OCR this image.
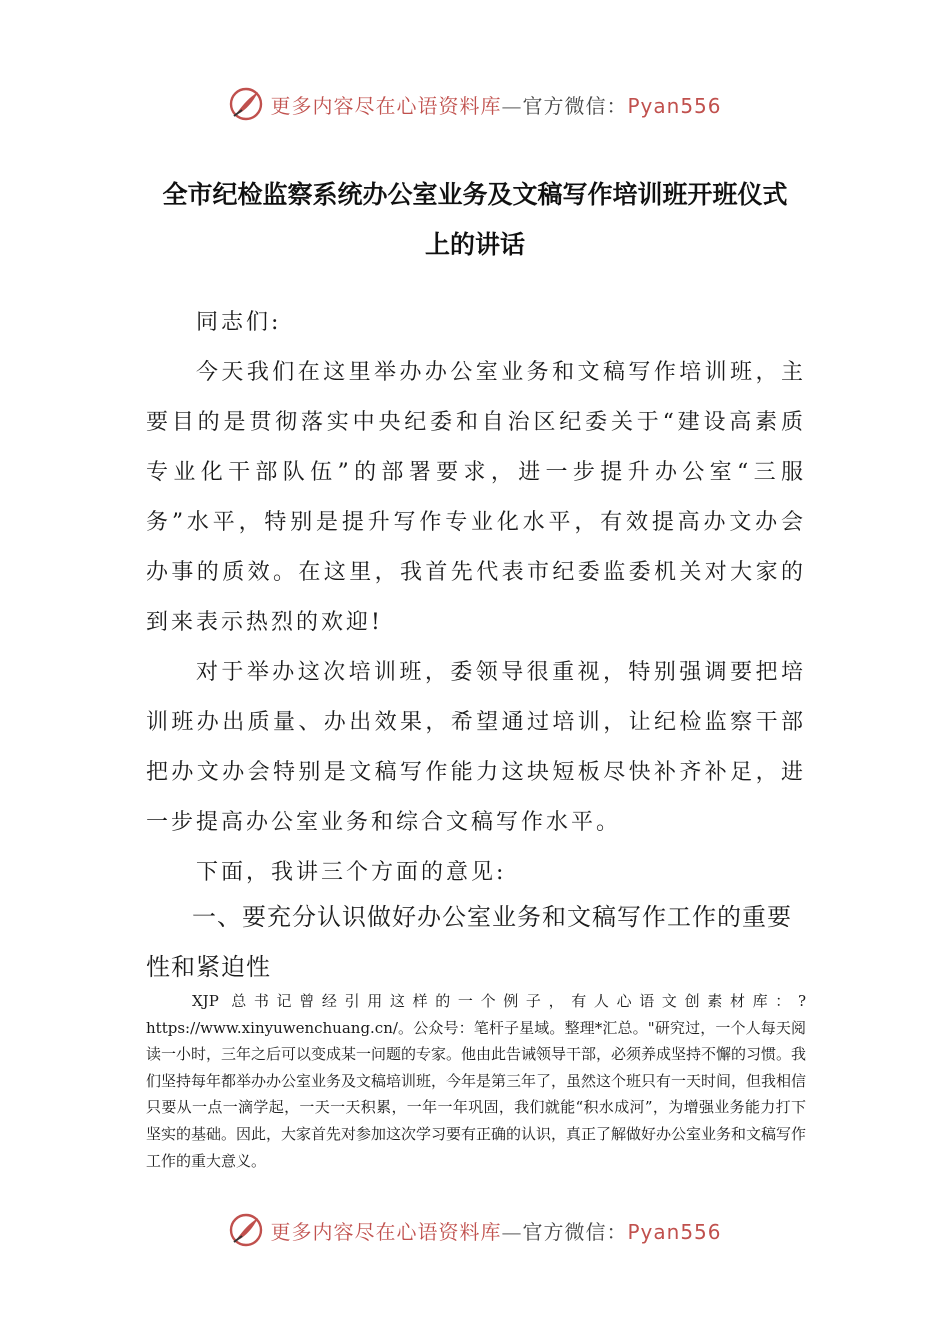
更多内容尽在心语资料库—官方微信：Pyan556
全市纪检监察系统办公室业务及文稿写作培训班开班仪式
上的讲话

同志们:

今天我们在这里举办办公室业务和文稿写作培训班，主要目的是贯彻落实中央纪委和自治区纪委关于“建设高素质专业化干部队伍”的部署要求，进一步提升办公室“三服务”水平，特别是提升写作专业化水平，有效提高办文办会办事的质效。在这里，我首先代表市纪委监委机关对大家的到来表示热烈的欢迎!

对于举办这次培训班，委领导很重视，特别强调要把培训班办出质量、办出效果，希望通过培训，让纪检监察干部把办文办会特别是文稿写作能力这块短板尽快补齐补足，进一步提高办公室业务和综合文稿写作水平。

下面，我讲三个方面的意见:

一、要充分认识做好办公室业务和文稿写作工作的重要性和紧迫性
XJP 总书记曾经引用这样的一个例子，有人心语文创素材库：?https://www.xinyuwenchuang.cn/。公众号：笔杆子星域。整理*汇总。"研究过，一个人每天阅读一小时，三年之后可以变成某一问题的专家。他由此告诫领导干部，必须养成坚持不懈的习惯。我们坚持每年都举办办公室业务及文稿培训班，今年是第三年了，虽然这个班只有一天时间，但我相信只要从一点一滴学起，一天一天积累，一年一年巩固，我们就能“积水成河”，为增强业务能力打下坚实的基础。因此，大家首先对参加这次学习要有正确的认识，真正了解做好办公室业务和文稿写作工作的重大意义。
更多内容尽在心语资料库—官方微信：Pyan556
